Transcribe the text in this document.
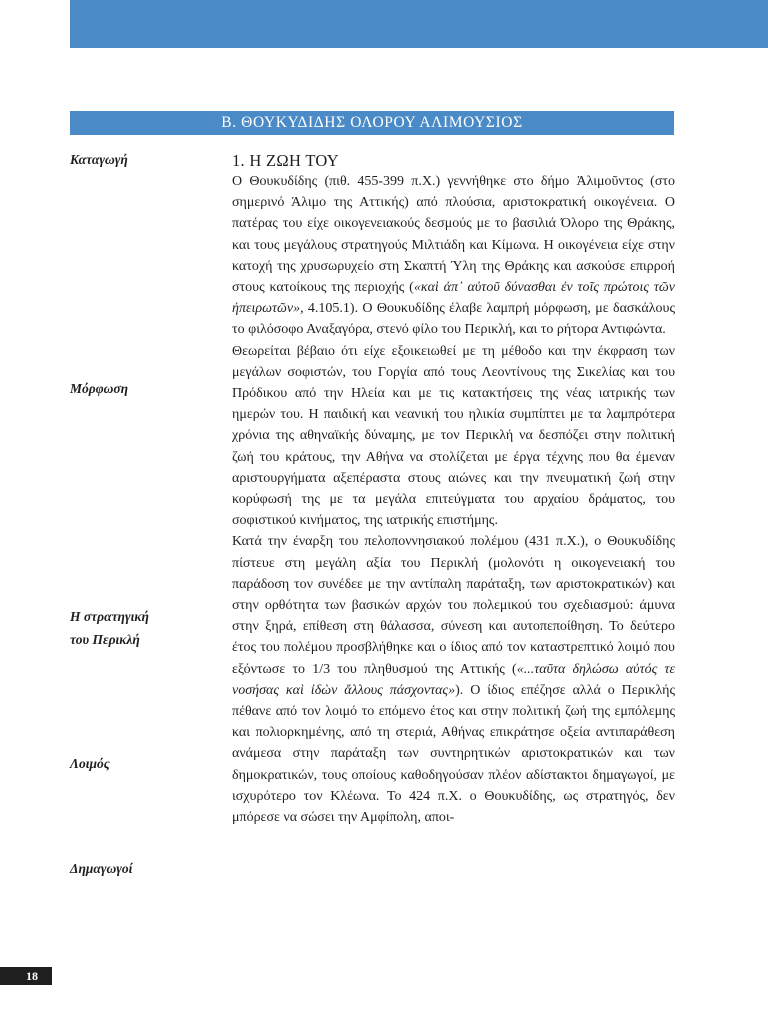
Β. ΘΟΥΚΥΔΙΔΗΣ ΟΛΟΡΟΥ ΑΛΙΜΟΥΣΙΟΣ
Καταγωγή
Μόρφωση
Η στρατηγική
του Περικλή
Λοιμός
Δημαγωγοί
1. Η ΖΩΗ ΤΟΥ

Ο Θουκυδίδης (πιθ. 455-399 π.Χ.) γεννήθηκε στο δήμο Ἁλιμοῦντος (στο σημερινό Άλιμο της Αττικής) από πλούσια, αριστοκρατική οικογένεια. Ο πατέρας του είχε οικογενειακούς δεσμούς με το βασιλιά Όλορο της Θράκης, και τους μεγάλους στρατηγούς Μιλτιάδη και Κίμωνα. Η οικογένεια είχε στην κατοχή της χρυσωρυχείο στη Σκαπτή Ύλη της Θράκης και ασκούσε επιρροή στους κατοίκους της περιοχής («καὶ ἀπ᾽ αὐτοῦ δύνασθαι ἐν τοῖς πρώτοις τῶν ἠπειρωτῶν», 4.105.1). Ο Θουκυδίδης έλαβε λαμπρή μόρφωση, με δασκάλους το φιλόσοφο Αναξαγόρα, στενό φίλο του Περικλή, και το ρήτορα Αντιφώντα.

Θεωρείται βέβαιο ότι είχε εξοικειωθεί με τη μέθοδο και την έκφραση των μεγάλων σοφιστών, του Γοργία από τους Λεοντίνους της Σικελίας και του Πρόδικου από την Ηλεία και με τις κατακτήσεις της νέας ιατρικής των ημερών του. Η παιδική και νεανική του ηλικία συμπίπτει με τα λαμπρότερα χρόνια της αθηναϊκής δύναμης, με τον Περικλή να δεσπόζει στην πολιτική ζωή του κράτους, την Αθήνα να στολίζεται με έργα τέχνης που θα έμεναν αριστουργήματα αξεπέραστα στους αιώνες και την πνευματική ζωή στην κορύφωσή της με τα μεγάλα επιτεύγματα του αρχαίου δράματος, του σοφιστικού κινήματος, της ιατρικής επιστήμης.

Κατά την έναρξη του πελοποννησιακού πολέμου (431 π.Χ.), ο Θουκυδίδης πίστευε στη μεγάλη αξία του Περικλή (μολονότι η οικογενειακή του παράδοση τον συνέδεε με την αντίπαλη παράταξη, των αριστοκρατικών) και στην ορθότητα των βασικών αρχών του πολεμικού του σχεδιασμού: άμυνα στην ξηρά, επίθεση στη θάλασσα, σύνεση και αυτοπεποίθηση. Το δεύτερο έτος του πολέμου προσβλήθηκε και ο ίδιος από τον καταστρεπτικό λοιμό που εξόντωσε το 1/3 του πληθυσμού της Αττικής («...ταῦτα δηλώσω αὐτός τε νοσήσας καὶ ἰδὼν ἄλλους πάσχοντας»). Ο ίδιος επέζησε αλλά ο Περικλής πέθανε από τον λοιμό το επόμενο έτος και στην πολιτική ζωή της εμπόλεμης και πολιορκημένης, από τη στεριά, Αθήνας επικράτησε οξεία αντιπαράθεση ανάμεσα στην παράταξη των συντηρητικών αριστοκρατικών και των δημοκρατικών, τους οποίους καθοδηγούσαν πλέον αδίστακτοι δημαγωγοί, με ισχυρότερο τον Κλέωνα. Το 424 π.Χ. ο Θουκυδίδης, ως στρατηγός, δεν μπόρεσε να σώσει την Αμφίπολη, αποι-

18
